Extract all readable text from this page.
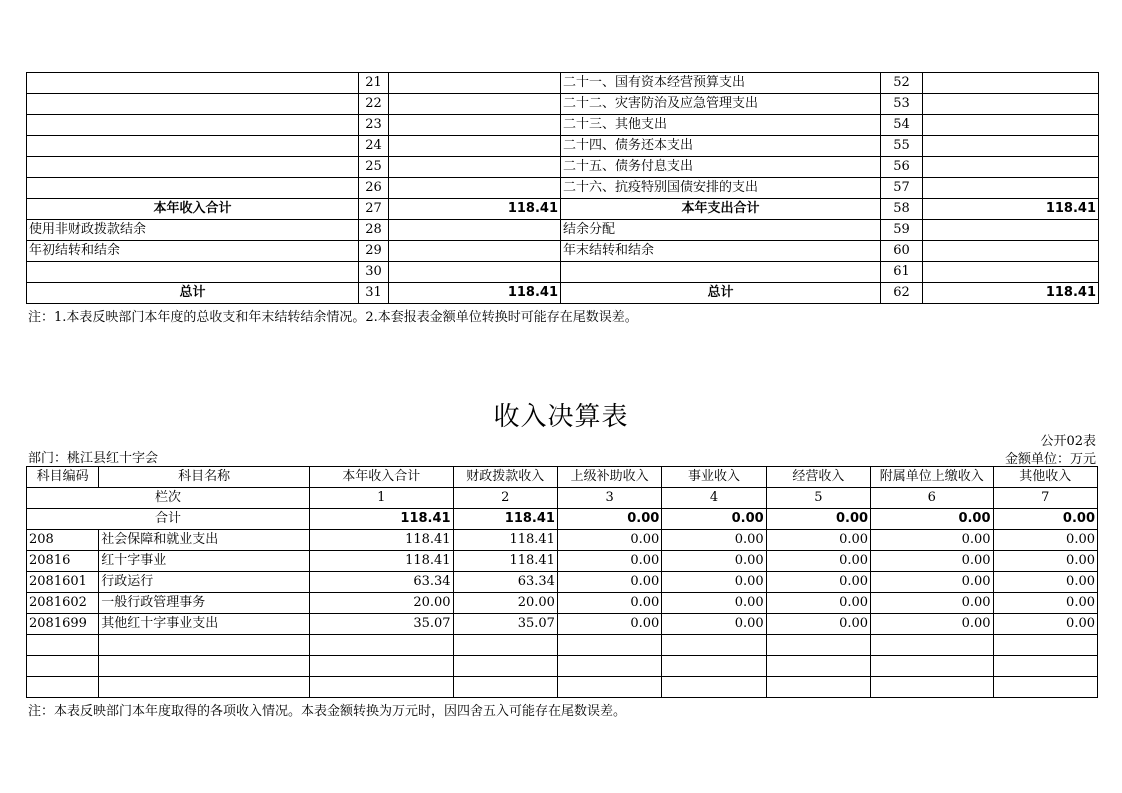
	21		二十一、国有资本经营预算支出	52	
	22		二十二、灾害防治及应急管理支出	53	
	23		二十三、其他支出	54	
	24		二十四、债务还本支出	55	
	25		二十五、债务付息支出	56	
	26		二十六、抗疫特别国债安排的支出	57	
本年收入合计	27	118.41	本年支出合计	58	118.41
使用非财政拨款结余	28		结余分配	59	
年初结转和结余	29		年末结转和结余	60	
	30			61	
总计	31	118.41	总计	62	118.41
注：1.本表反映部门本年度的总收支和年末结转结余情况。2.本套报表金额单位转换时可能存在尾数误差。
收入决算表
公开02表
部门：桃江县红十字会	金额单位：万元
科目编码	科目名称	本年收入合计	财政拨款收入	上级补助收入	事业收入	经营收入	附属单位上缴收入	其他收入
栏次		1	2	3	4	5	6	7
合计		118.41	118.41	0.00	0.00	0.00	0.00	0.00
208	社会保障和就业支出	118.41	118.41	0.00	0.00	0.00	0.00	0.00
20816	红十字事业	118.41	118.41	0.00	0.00	0.00	0.00	0.00
2081601	行政运行	63.34	63.34	0.00	0.00	0.00	0.00	0.00
2081602	一般行政管理事务	20.00	20.00	0.00	0.00	0.00	0.00	0.00
2081699	其他红十字事业支出	35.07	35.07	0.00	0.00	0.00	0.00	0.00

注：本表反映部门本年度取得的各项收入情况。本表金额转换为万元时，因四舍五入可能存在尾数误差。
